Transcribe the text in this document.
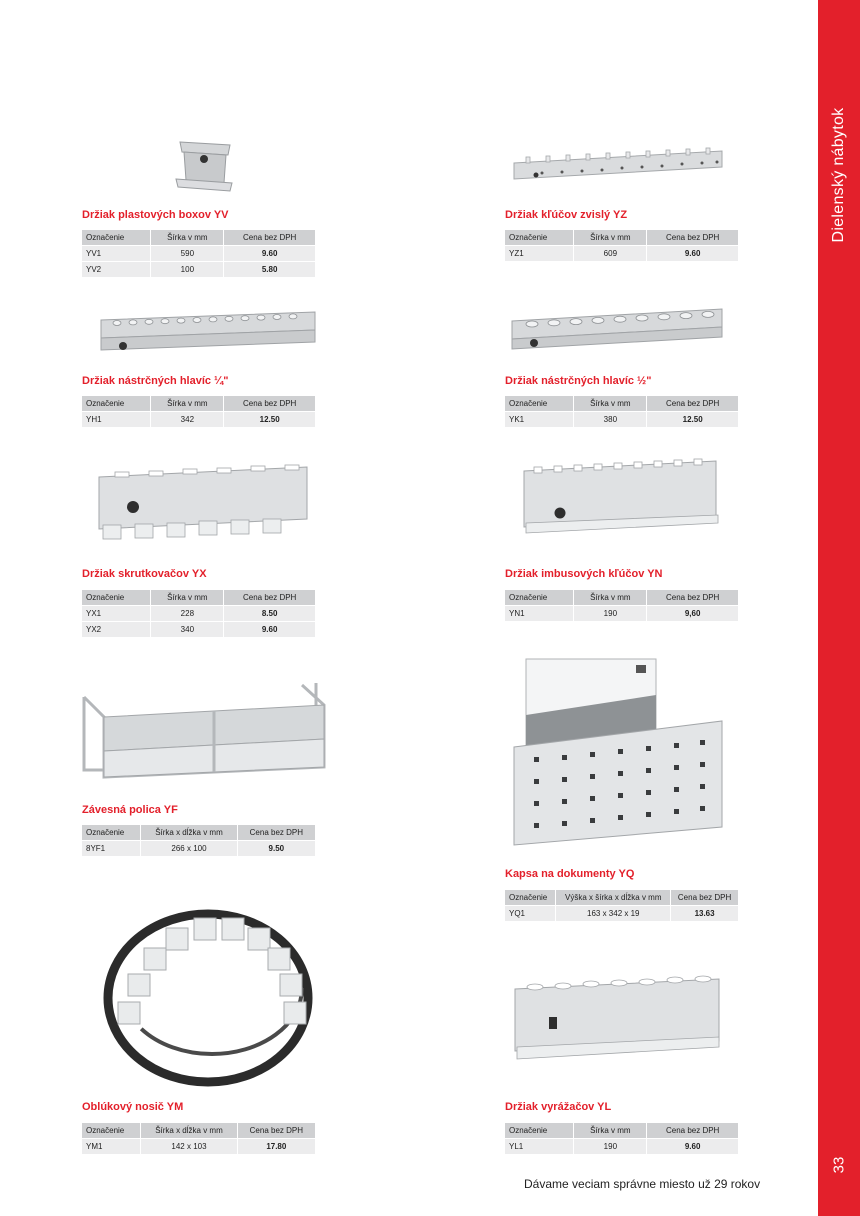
Dielenský nábytok
33
Držiak plastových boxov YV
Označenie	Šírka v mm	Cena bez DPH
YV1	590	9.60
YV2	100	5.80
Držiak kľúčov zvislý YZ
Označenie	Šírka v mm	Cena bez DPH
YZ1	609	9.60
Držiak nástrčných hlavíc ¼"
Označenie	Šírka v mm	Cena bez DPH
YH1	342	12.50
Držiak nástrčných hlavíc ½"
Označenie	Šírka v mm	Cena bez DPH
YK1	380	12.50
Držiak skrutkovačov YX
Označenie	Šírka v mm	Cena bez DPH
YX1	228	8.50
YX2	340	9.60
Držiak imbusových kľúčov YN
Označenie	Šírka v mm	Cena bez DPH
YN1	190	9,60
Závesná polica YF
Označenie	Šírka x dĺžka v mm	Cena bez DPH
8YF1	266 x 100	9.50
Kapsa na dokumenty YQ
Označenie	Výška x šírka x dĺžka v mm	Cena bez DPH
YQ1	163 x 342 x 19	13.63
Oblúkový nosič YM
Označenie	Šírka x dĺžka v mm	Cena bez DPH
YM1	142 x 103	17.80
Držiak vyrážačov YL
Označenie	Šírka v mm	Cena bez DPH
YL1	190	9.60
Dávame veciam správne miesto už 29 rokov
